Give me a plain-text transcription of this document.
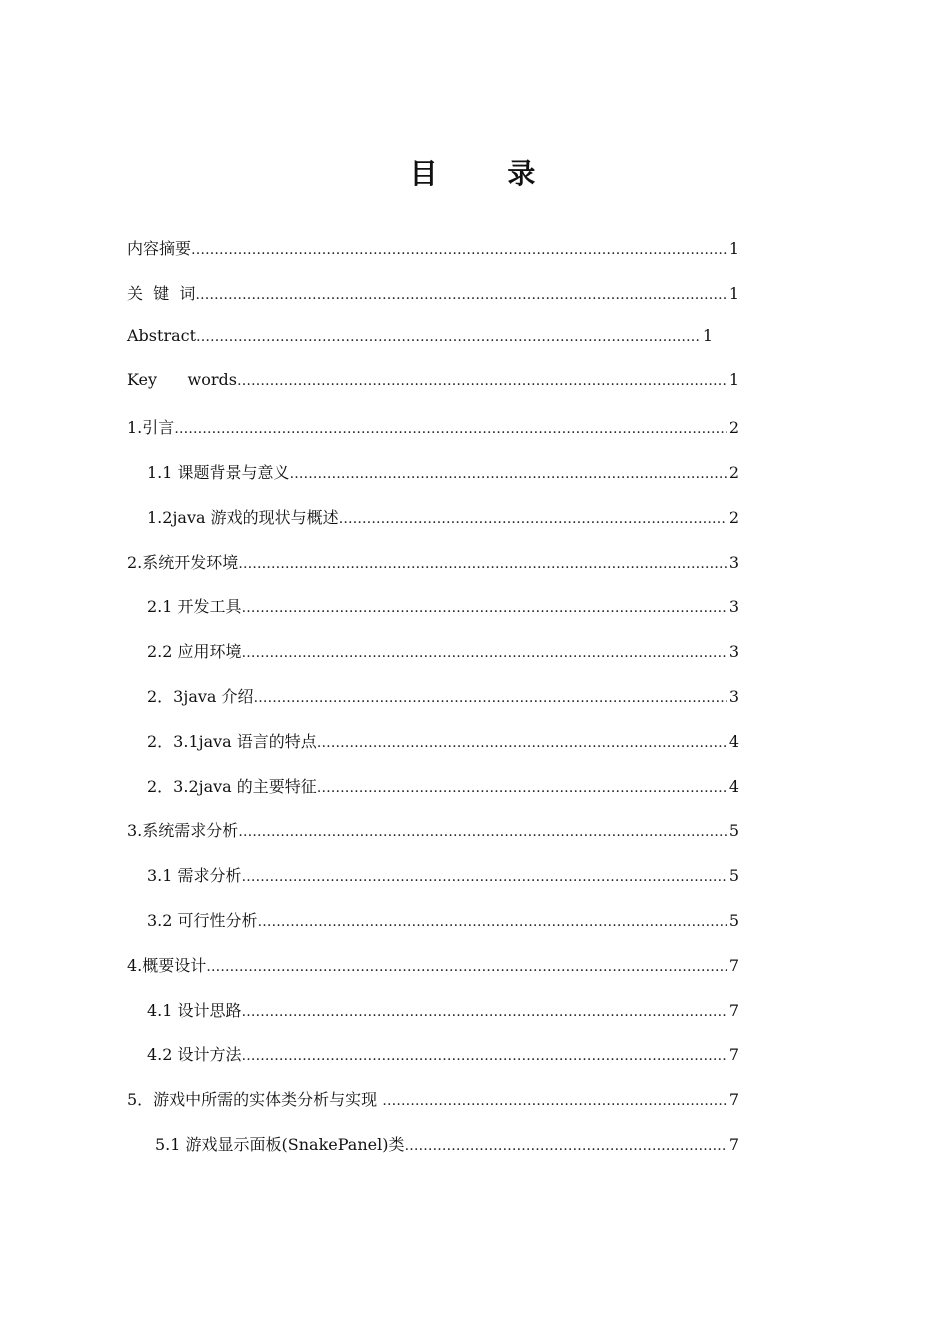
目 录
内容摘要 ………………………………………………………………………………………………………………………………………………………………	1
关  键  词 ………………………………………………………………………………………………………………………………………………………………	1
Abstract ………………………………………………………………………………………………………………………………………………………………	1
Key      words ………………………………………………………………………………………………………………………………………………………………	1
1.引言 ………………………………………………………………………………………………………………………………………………………………	2
1.1 课题背景与意义 ………………………………………………………………………………………………………………………………………………………………	2
1.2java 游戏的现状与概述 ………………………………………………………………………………………………………………………………………………………………	2
2.系统开发环境 ………………………………………………………………………………………………………………………………………………………………	3
2.1 开发工具 ………………………………………………………………………………………………………………………………………………………………	3
2.2 应用环境 ………………………………………………………………………………………………………………………………………………………………	3
2．3java 介绍 ………………………………………………………………………………………………………………………………………………………………	3
2．3.1java 语言的特点 ………………………………………………………………………………………………………………………………………………………………	4
2．3.2java 的主要特征 ………………………………………………………………………………………………………………………………………………………………	4
3.系统需求分析 ………………………………………………………………………………………………………………………………………………………………	5
3.1 需求分析 ………………………………………………………………………………………………………………………………………………………………	5
3.2 可行性分析 ………………………………………………………………………………………………………………………………………………………………	5
4.概要设计 ………………………………………………………………………………………………………………………………………………………………	7
4.1 设计思路 ………………………………………………………………………………………………………………………………………………………………	7
4.2 设计方法 ………………………………………………………………………………………………………………………………………………………………	7
5．游戏中所需的实体类分析与实现 ………………………………………………………………………………………………………………………………………………………………	7
5.1 游戏显示面板(SnakePanel)类 ………………………………………………………………………………………………………………………………………………………………	7
